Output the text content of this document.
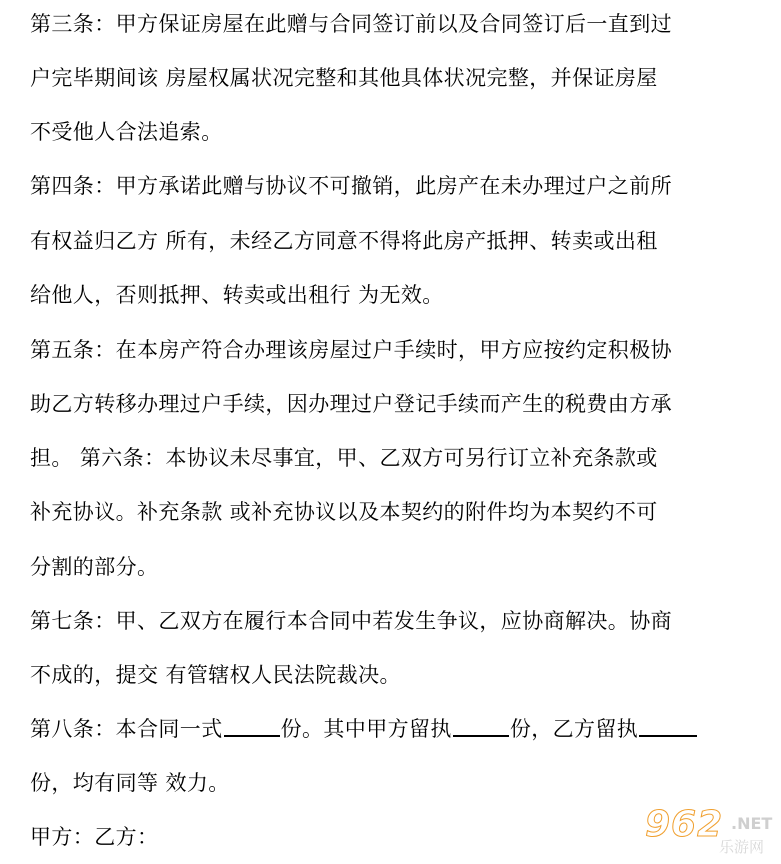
第三条：甲方保证房屋在此赠与合同签订前以及合同签订后一直到过
户完毕期间该 房屋权属状况完整和其他具体状况完整，并保证房屋
不受他人合法追索。
第四条：甲方承诺此赠与协议不可撤销，此房产在未办理过户之前所
有权益归乙方 所有，未经乙方同意不得将此房产抵押、转卖或出租
给他人，否则抵押、转卖或出租行 为无效。
第五条：在本房产符合办理该房屋过户手续时，甲方应按约定积极协
助乙方转移办理过户手续，因办理过户登记手续而产生的税费由方承
担。 第六条：本协议未尽事宜，甲、乙双方可另行订立补充条款或
补充协议。补充条款 或补充协议以及本契约的附件均为本契约不可
分割的部分。
第七条：甲、乙双方在履行本合同中若发生争议，应协商解决。协商
不成的，提交 有管辖权人民法院裁决。
第八条：本合同一式	份。其中甲方留执	份，乙方留执
份，均有同等 效力。
甲方：乙方：	962 .NET
乐游网
